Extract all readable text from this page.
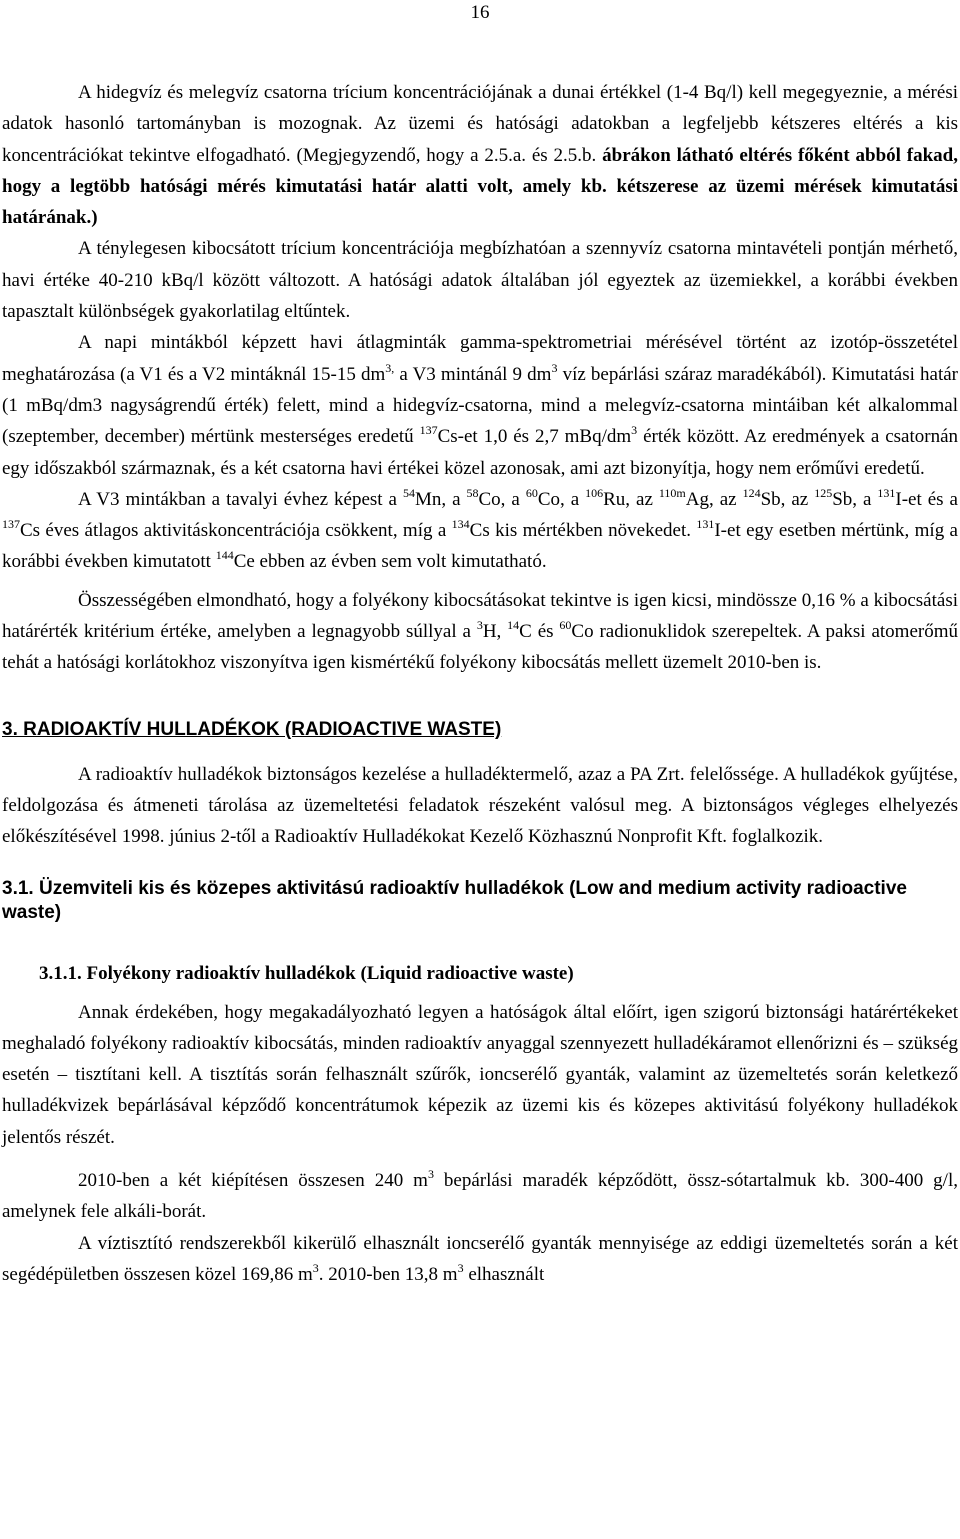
16

A hidegvíz és melegvíz csatorna trícium koncentrációjának a dunai értékkel (1-4 Bq/l) kell megegyeznie, a mérési adatok hasonló tartományban is mozognak. Az üzemi és hatósági adatokban a legfeljebb kétszeres eltérés a kis koncentrációkat tekintve elfogadható. (Megjegyzendő, hogy a 2.5.a. és 2.5.b. ábrákon látható eltérés főként abból fakad, hogy a legtöbb hatósági mérés kimutatási határ alatti volt, amely kb. kétszerese az üzemi mérések kimutatási határának.)

A ténylegesen kibocsátott trícium koncentrációja megbízhatóan a szennyvíz csatorna mintavételi pontján mérhető, havi értéke 40-210 kBq/l között változott. A hatósági adatok általában jól egyeztek az üzemiekkel, a korábbi években tapasztalt különbségek gyakorlatilag eltűntek.

A napi mintákból képzett havi átlagminták gamma-spektrometriai mérésével történt az izotóp-összetétel meghatározása (a V1 és a V2 mintáknál 15-15 $dm^{3,}$ a V3 mintánál 9 $dm^3$ víz bepárlási száraz maradékából). Kimutatási határ (1 mBq/dm3 nagyságrendű érték) felett, mind a hidegvíz-csatorna, mind a melegvíz-csatorna mintáiban két alkalommal (szeptember, december) mértünk mesterséges eredetű $^{137}$Cs-et 1,0 és 2,7 mBq/$dm^3$ érték között. Az eredmények a csatornán egy időszakból származnak, és a két csatorna havi értékei közel azonosak, ami azt bizonyítja, hogy nem erőművi eredetű.

A V3 mintákban a tavalyi évhez képest a $^{54}$Mn, a $^{58}$Co, a $^{60}$Co, a $^{106}$Ru, az $^{110m}$Ag, az $^{124}$Sb, az $^{125}$Sb, a $^{131}$I-et és a $^{137}$Cs éves átlagos aktivitáskoncentrációja csökkent, míg a $^{134}$Cs kis mértékben növekedet. $^{131}$I-et egy esetben mértünk, míg a korábbi években kimutatott $^{144}$Ce ebben az évben sem volt kimutatható.

Összességében elmondható, hogy a folyékony kibocsátásokat tekintve is igen kicsi, mindössze 0,16 % a kibocsátási határérték kritérium értéke, amelyben a legnagyobb súllyal a $^3$H, $^{14}$C és $^{60}$Co radionuklidok szerepeltek. A paksi atomerőmű tehát a hatósági korlátokhoz viszonyítva igen kismértékű folyékony kibocsátás mellett üzemelt 2010-ben is.

3. RADIOAKTÍV HULLADÉKOK (RADIOACTIVE WASTE)

A radioaktív hulladékok biztonságos kezelése a hulladéktermelő, azaz a PA Zrt. felelőssége. A hulladékok gyűjtése, feldolgozása és átmeneti tárolása az üzemeltetési feladatok részeként valósul meg. A biztonságos végleges elhelyezés előkészítésével 1998. június 2-től a Radioaktív Hulladékokat Kezelő Közhasznú Nonprofit Kft. foglalkozik.

3.1. Üzemviteli kis és közepes aktivitású radioaktív hulladékok (Low and medium activity radioactive waste)
3.1.1. Folyékony radioaktív hulladékok (Liquid radioactive waste)

Annak érdekében, hogy megakadályozható legyen a hatóságok által előírt, igen szigorú biztonsági határértékeket meghaladó folyékony radioaktív kibocsátás, minden radioaktív anyaggal szennyezett hulladékáramot ellenőrizni és – szükség esetén – tisztítani kell. A tisztítás során felhasznált szűrők, ioncserélő gyanták, valamint az üzemeltetés során keletkező hulladékvizek bepárlásával képződő koncentrátumok képezik az üzemi kis és közepes aktivitású folyékony hulladékok jelentős részét.

2010-ben a két kiépítésen összesen 240 $m^3$ bepárlási maradék képződött, össz-sótartalmuk kb. 300-400 g/l, amelynek fele alkáli-borát.

A víztisztító rendszerekből kikerülő elhasznált ioncserélő gyanták mennyisége az eddigi üzemeltetés során a két segédépületben összesen közel 169,86 $m^3$. 2010-ben 13,8 $m^3$ elhasznált
